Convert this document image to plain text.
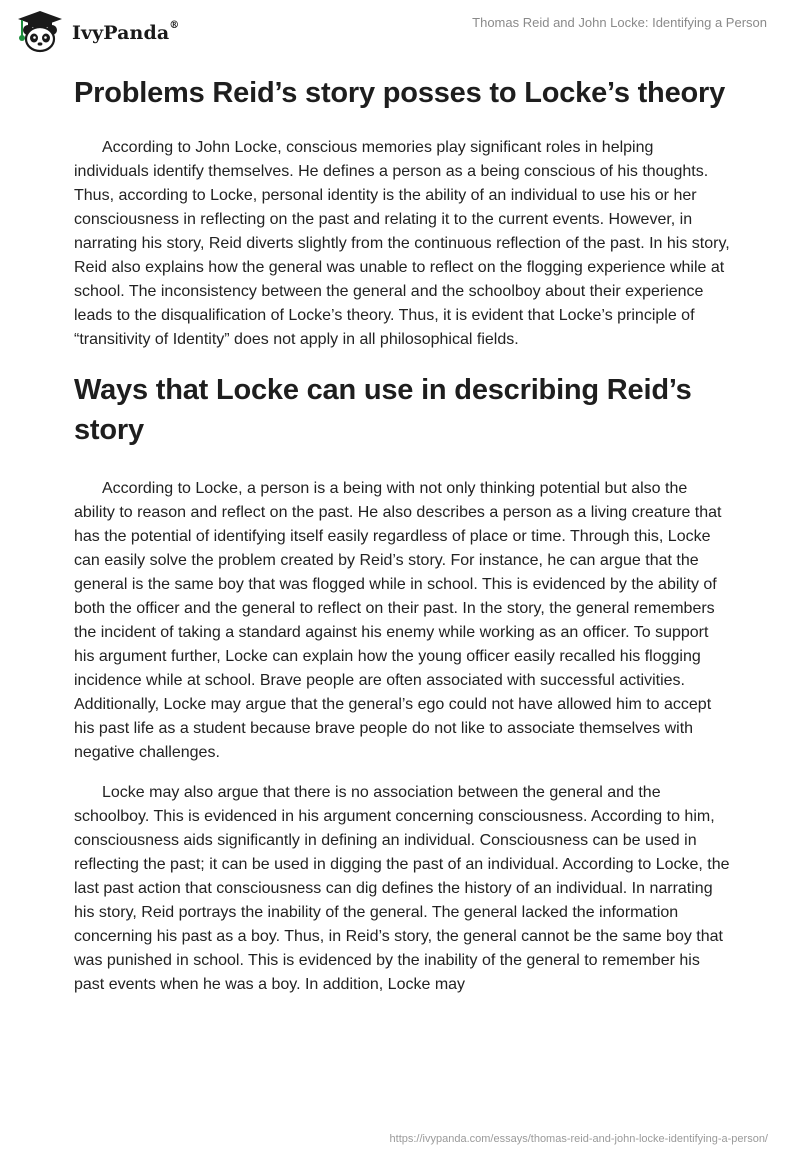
IvyPanda®	Thomas Reid and John Locke: Identifying a Person
Problems Reid’s story posses to Locke’s theory

According to John Locke, conscious memories play significant roles in helping individuals identify themselves. He defines a person as a being conscious of his thoughts. Thus, according to Locke, personal identity is the ability of an individual to use his or her consciousness in reflecting on the past and relating it to the current events. However, in narrating his story, Reid diverts slightly from the continuous reflection of the past. In his story, Reid also explains how the general was unable to reflect on the flogging experience while at school. The inconsistency between the general and the schoolboy about their experience leads to the disqualification of Locke’s theory. Thus, it is evident that Locke’s principle of “transitivity of Identity” does not apply in all philosophical fields.

Ways that Locke can use in describing Reid’s story

According to Locke, a person is a being with not only thinking potential but also the ability to reason and reflect on the past. He also describes a person as a living creature that has the potential of identifying itself easily regardless of place or time. Through this, Locke can easily solve the problem created by Reid’s story. For instance, he can argue that the general is the same boy that was flogged while in school. This is evidenced by the ability of both the officer and the general to reflect on their past. In the story, the general remembers the incident of taking a standard against his enemy while working as an officer. To support his argument further, Locke can explain how the young officer easily recalled his flogging incidence while at school. Brave people are often associated with successful activities. Additionally, Locke may argue that the general’s ego could not have allowed him to accept his past life as a student because brave people do not like to associate themselves with negative challenges.

Locke may also argue that there is no association between the general and the schoolboy. This is evidenced in his argument concerning consciousness. According to him, consciousness aids significantly in defining an individual. Consciousness can be used in reflecting the past; it can be used in digging the past of an individual. According to Locke, the last past action that consciousness can dig defines the history of an individual. In narrating his story, Reid portrays the inability of the general. The general lacked the information concerning his past as a boy. Thus, in Reid’s story, the general cannot be the same boy that was punished in school. This is evidenced by the inability of the general to remember his past events when he was a boy. In addition, Locke may

https://ivypanda.com/essays/thomas-reid-and-john-locke-identifying-a-person/
